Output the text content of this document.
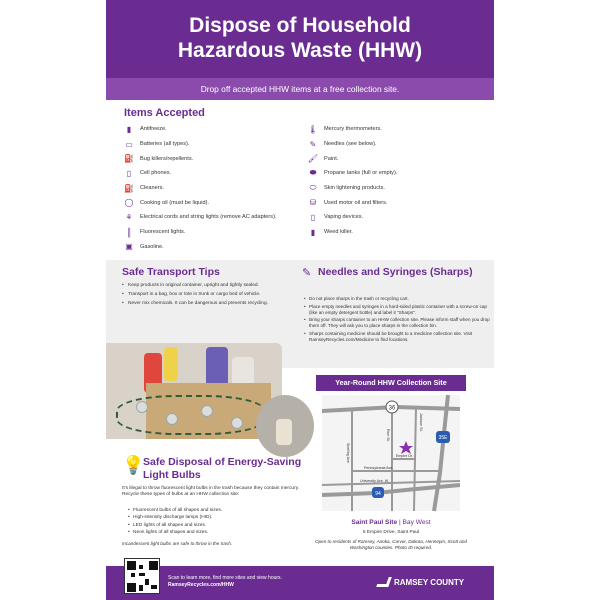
Dispose of Household
Hazardous Waste (HHW)
Drop off accepted HHW items at a free collection site.
Items Accepted
▮	Antifreeze.
▭	Batteries (all types).
⛽	Bug killers/repellents.
▯	Cell phones.
⛽	Cleaners.
◯	Cooking oil (must be liquid).
⚘	Electrical cords and string lights (remove AC adapters).
║	Fluorescent lights.
▣	Gasoline.
🌡	Mercury thermometers.
✎	Needles (see below).
🖌	Paint.
⬬	Propane tanks (full or empty).
⬭	Skin lightening products.
⛁	Used motor oil and filters.
▯	Vaping devices.
▮	Weed killer.
Safe Transport Tips
• Keep products in original container, upright and tightly sealed.
• Transport in a bag, box or tote in trunk or cargo bed of vehicle.
• Never mix chemicals. It can be dangerous and prevents recycling.
✎ Needles and Syringes (Sharps)
• Do not place sharps in the trash or recycling cart.
• Place empty needles and syringes in a hard-sided plastic container with a screw-on cap (like an empty detergent bottle) and label it "Sharps".
• Bring your sharps container to an HHW collection site. Please inform staff when you drop them off. They will ask you to place sharps in the collection bin.
• Sharps containing medicine should be brought to a medicine collection site. Visit RamseyRecycles.com/Medicine to find locations.
Year-Round HHW Collection Site
36
35E
94
Snelling Ave.
Rice St.
Jackson St.
Empire Dr.
Pennsylvania Ave.
University Ave. W.
💡
Safe Disposal of Energy-Saving Light Bulbs
It's illegal to throw fluorescent light bulbs in the trash because they contain mercury. Recycle these types of bulbs at an HHW collection site:
• Fluorescent bulbs of all shapes and sizes.
• High-intensity discharge lamps (HID).
• LED lights of all shapes and sizes.
• Neon lights of all shapes and sizes.
Incandescent light bulbs are safe to throw in the trash.
Saint Paul Site | Bay West
5 Empire Drive, Saint Paul
Open to residents of Ramsey, Anoka, Carver, Dakota, Hennepin, Scott and Washington counties. Photo ID required.
Scan to learn more, find more sites and view hours.
RamseyRecycles.com/HHW	RAMSEY COUNTY
